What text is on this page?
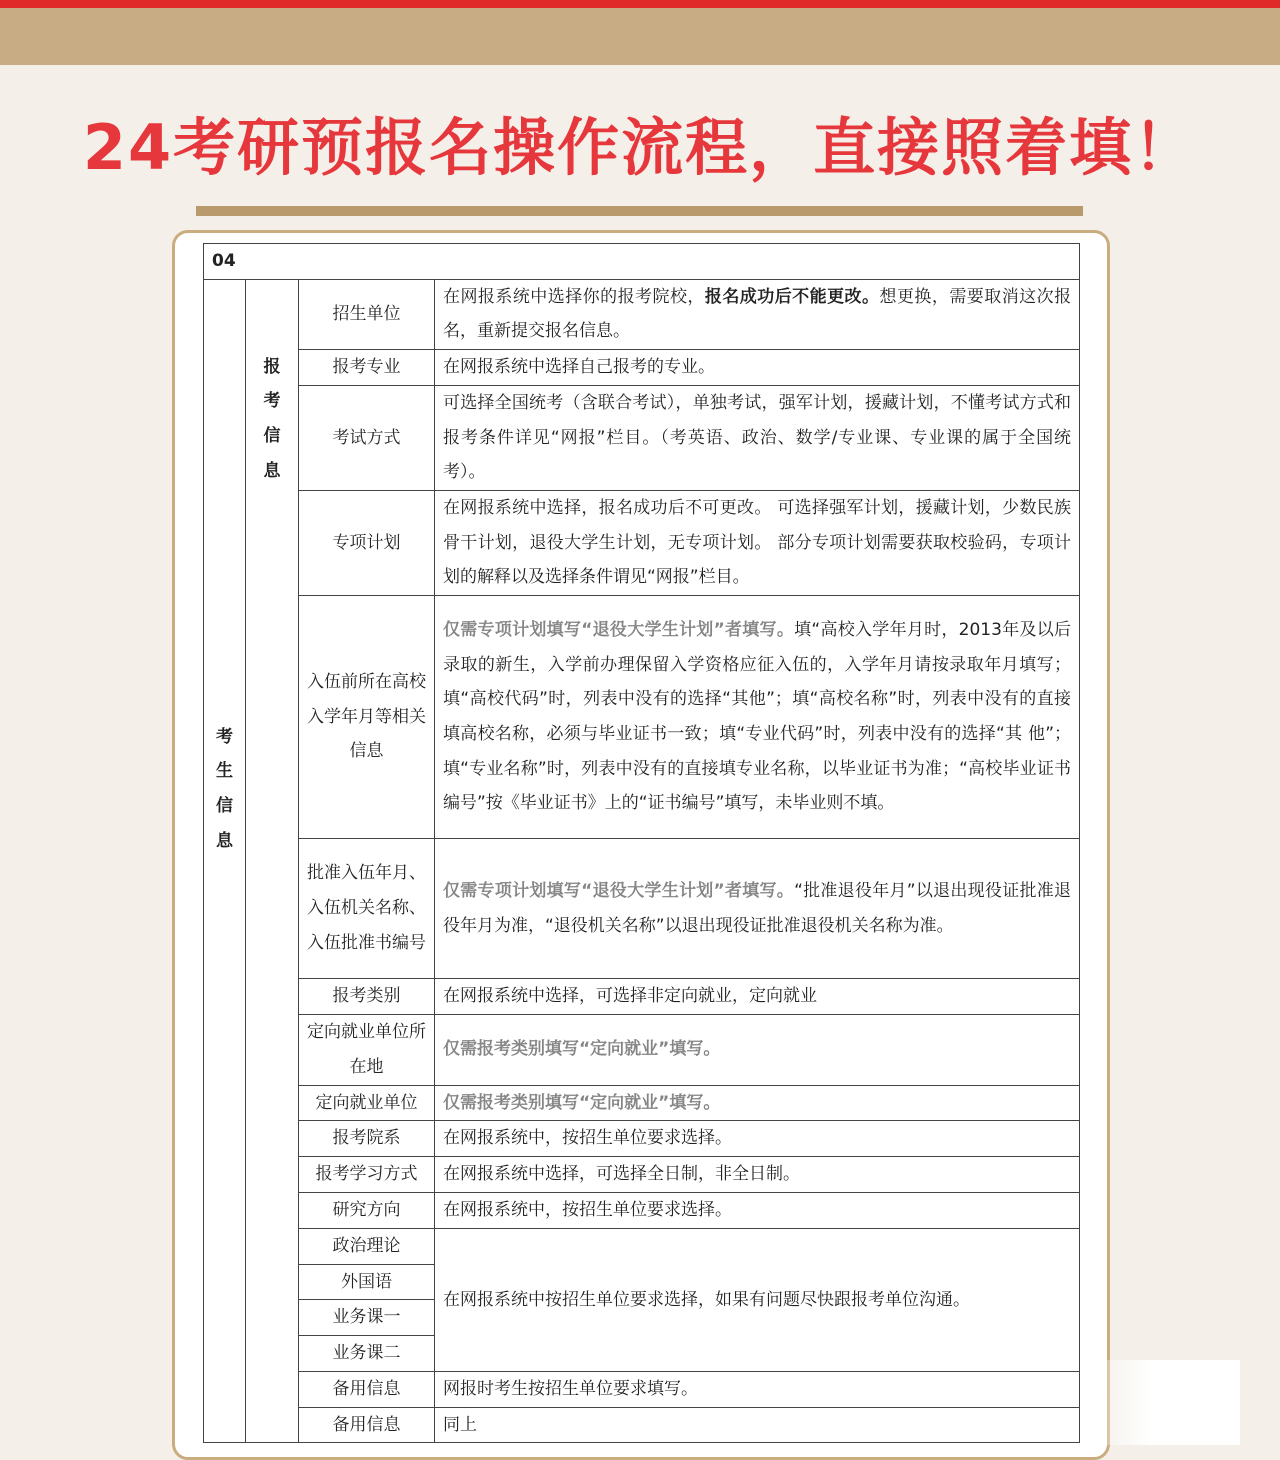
24考研预报名操作流程，直接照着填！
04			

考
生
信
息	报
考
信
息	招生单位	在网报系统中选择你的报考院校，报名成功后不能更改。想更换，需要取消这次报名，重新提交报名信息。
		报考专业	在网报系统中选择自己报考的专业。
		考试方式	可选择全国统考（含联合考试），单独考试，强军计划，援藏计划，不懂考试方式和报考条件详见“网报”栏目。（考英语、政治、数学/专业课、专业课的属于全国统考）。
		专项计划	在网报系统中选择，报名成功后不可更改。 可选择强军计划，援藏计划，少数民族骨干计划，退役大学生计划，无专项计划。 部分专项计划需要获取校验码，专项计划的解释以及选择条件谓见“网报”栏目。
		入伍前所在高校入学年月等相关信息	仅需专项计划填写“退役大学生计划”者填写。填“高校入学年月时，2013年及以后录取的新生，入学前办理保留入学资格应征入伍的，入学年月请按录取年月填写；填“高校代码”时，列表中没有的选择“其他”；填“高校名称”时，列表中没有的直接填高校名称，必须与毕业证书一致；填“专业代码”时，列表中没有的选择“其 他”；填“专业名称”时，列表中没有的直接填专业名称，以毕业证书为准；“高校毕业证书编号”按《毕业证书》上的“证书编号”填写，未毕业则不填。
		批准入伍年月、入伍机关名称、入伍批准书编号	仅需专项计划填写“退役大学生计划”者填写。“批准退役年月”以退出现役证批准退役年月为准，“退役机关名称”以退出现役证批准退役机关名称为准。
		报考类别	在网报系统中选择，可选择非定向就业，定向就业
		定向就业单位所在地	仅需报考类别填写“定向就业”填写。
		定向就业单位	仅需报考类别填写“定向就业”填写。
		报考院系	在网报系统中，按招生单位要求选择。
		报考学习方式	在网报系统中选择，可选择全日制，非全日制。
		研究方向	在网报系统中，按招生单位要求选择。
		政治理论	在网报系统中按招生单位要求选择，如果有问题尽快跟报考单位沟通。
		外国语	
		业务课一	
		业务课二	
		备用信息	网报时考生按招生单位要求填写。
		备用信息	同上
